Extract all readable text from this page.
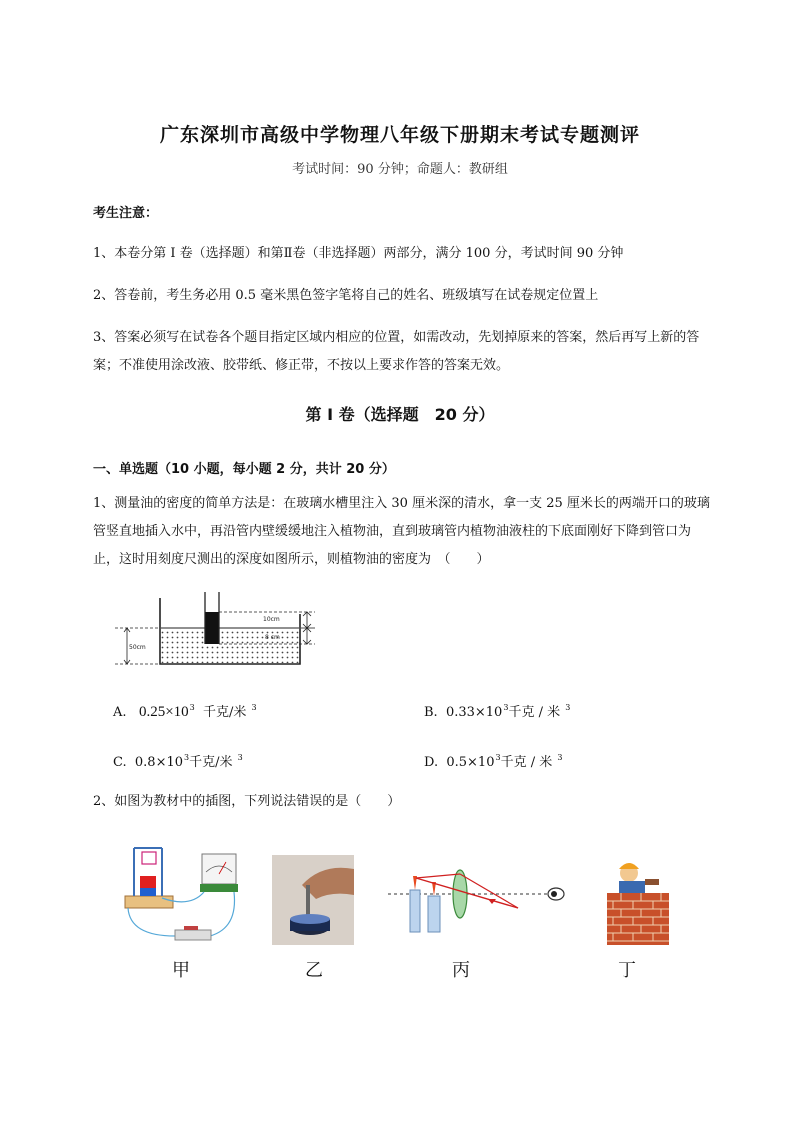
广东深圳市高级中学物理八年级下册期末考试专题测评
考试时间：90 分钟；命题人：教研组
考生注意：
1、本卷分第 I 卷（选择题）和第Ⅱ卷（非选择题）两部分，满分 100 分，考试时间 90 分钟
2、答卷前，考生务必用 0.5 毫米黑色签字笔将自己的姓名、班级填写在试卷规定位置上
3、答案必须写在试卷各个题目指定区域内相应的位置，如需改动，先划掉原来的答案，然后再写上新的答案；不准使用涂改液、胶带纸、修正带，不按以上要求作答的答案无效。
第 I 卷（选择题　20 分）
一、单选题（10 小题，每小题 2 分，共计 20 分）
1、测量油的密度的简单方法是：在玻璃水槽里注入 30 厘米深的清水，拿一支 25 厘米长的两端开口的玻璃管竖直地插入水中，再沿管内壁缓缓地注入植物油，直到玻璃管内植物油液柱的下底面刚好下降到管口为止，这时用刻度尺测出的深度如图所示，则植物油的密度为　（　　）
10cm
8 cm
50cm
A. $0.25\times 10^3$ 千克/米 $^3$	B. $0.33\times 10^3$千克 / 米 $^3$
C. $0.8\times 10^3$千克/米 $^3$	D. $0.5\times 10^3$千克 / 米 $^3$
2、如图为教材中的插图，下列说法错误的是（　　）
甲	乙	丙	丁
